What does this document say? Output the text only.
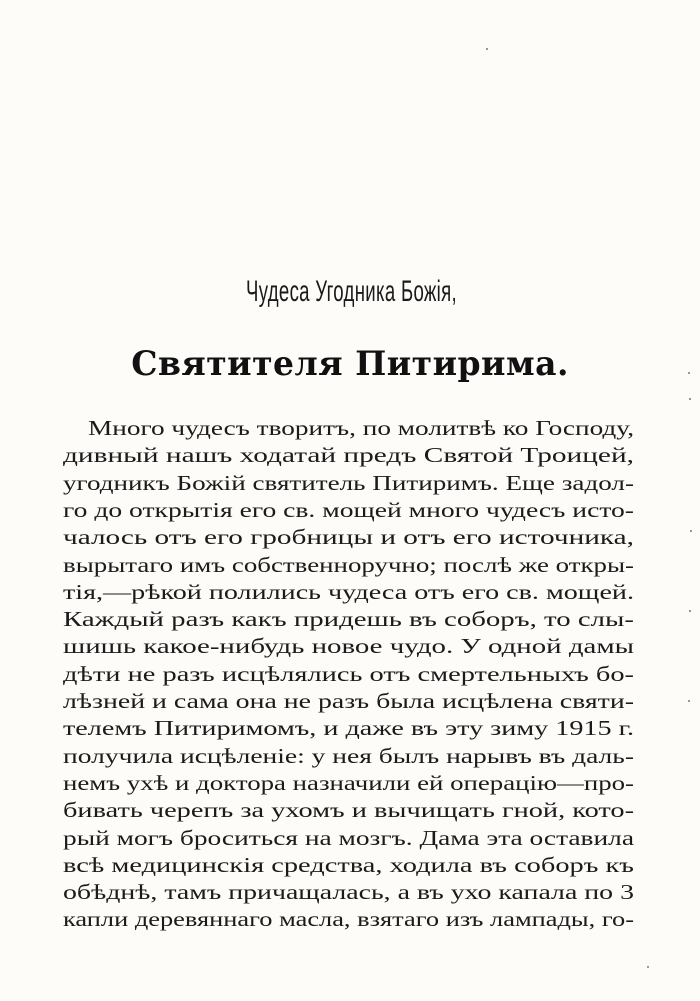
Чудеса Угодника Божія,
Святителя Питирима.
Много чудесъ творитъ, по молитвѣ ко Господу,
дивный нашъ ходатай предъ Святой Троицей,
угодникъ Божій святитель Питиримъ. Еще задол-
го до открытія его св. мощей много чудесъ исто-
чалось отъ его гробницы и отъ его источника,
вырытаго имъ собственноручно; послѣ же откры-
тія,—рѣкой полились чудеса отъ его св. мощей.
Каждый разъ какъ придешь въ соборъ, то слы-
шишь какое-нибудь новое чудо. У одной дамы
дѣти не разъ исцѣлялись отъ смертельныхъ бо-
лѣзней и сама она не разъ была исцѣлена святи-
телемъ Питиримомъ, и даже въ эту зиму 1915 г.
получила исцѣленіе: у нея былъ нарывъ въ даль-
немъ ухѣ и доктора назначили ей операцію—про-
бивать черепъ за ухомъ и вычищать гной, кото-
рый могъ броситься на мозгъ. Дама эта оставила
всѣ медицинскія средства, ходила въ соборъ къ
обѣднѣ, тамъ причащалась, а въ ухо капала по 3
капли деревяннаго масла, взятаго изъ лампады, го-
